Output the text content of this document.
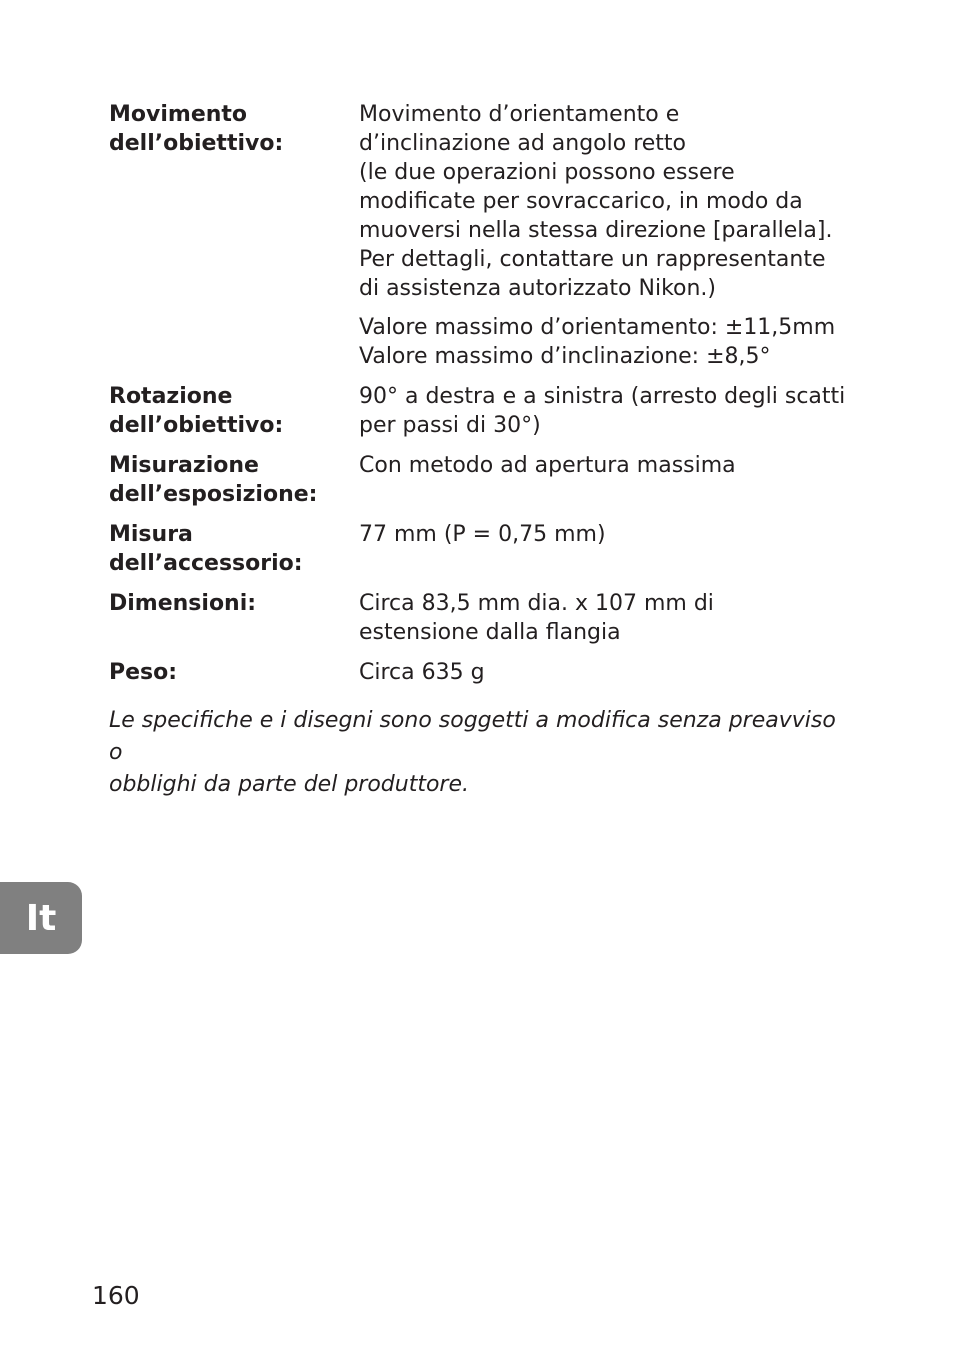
Movimento
dell’obiettivo:

Movimento d’orientamento e
d’inclinazione ad angolo retto
(le due operazioni possono essere
modificate per sovraccarico, in modo da
muoversi nella stessa direzione [parallela].
Per dettagli, contattare un rappresentante
di assistenza autorizzato Nikon.)

Valore massimo d’orientamento: ±11,5mm
Valore massimo d’inclinazione: ±8,5°

Rotazione
dell’obiettivo:

90° a destra e a sinistra (arresto degli scatti
per passi di 30°)

Misurazione
dell’esposizione:

Con metodo ad apertura massima

Misura
dell’accessorio:

77 mm (P = 0,75 mm)

Dimensioni:	Circa 83,5 mm dia. x 107 mm di
estensione dalla flangia

Peso:	Circa 635 g

Le specifiche e i disegni sono soggetti a modifica senza preavviso o
obblighi da parte del produttore.
It
160
